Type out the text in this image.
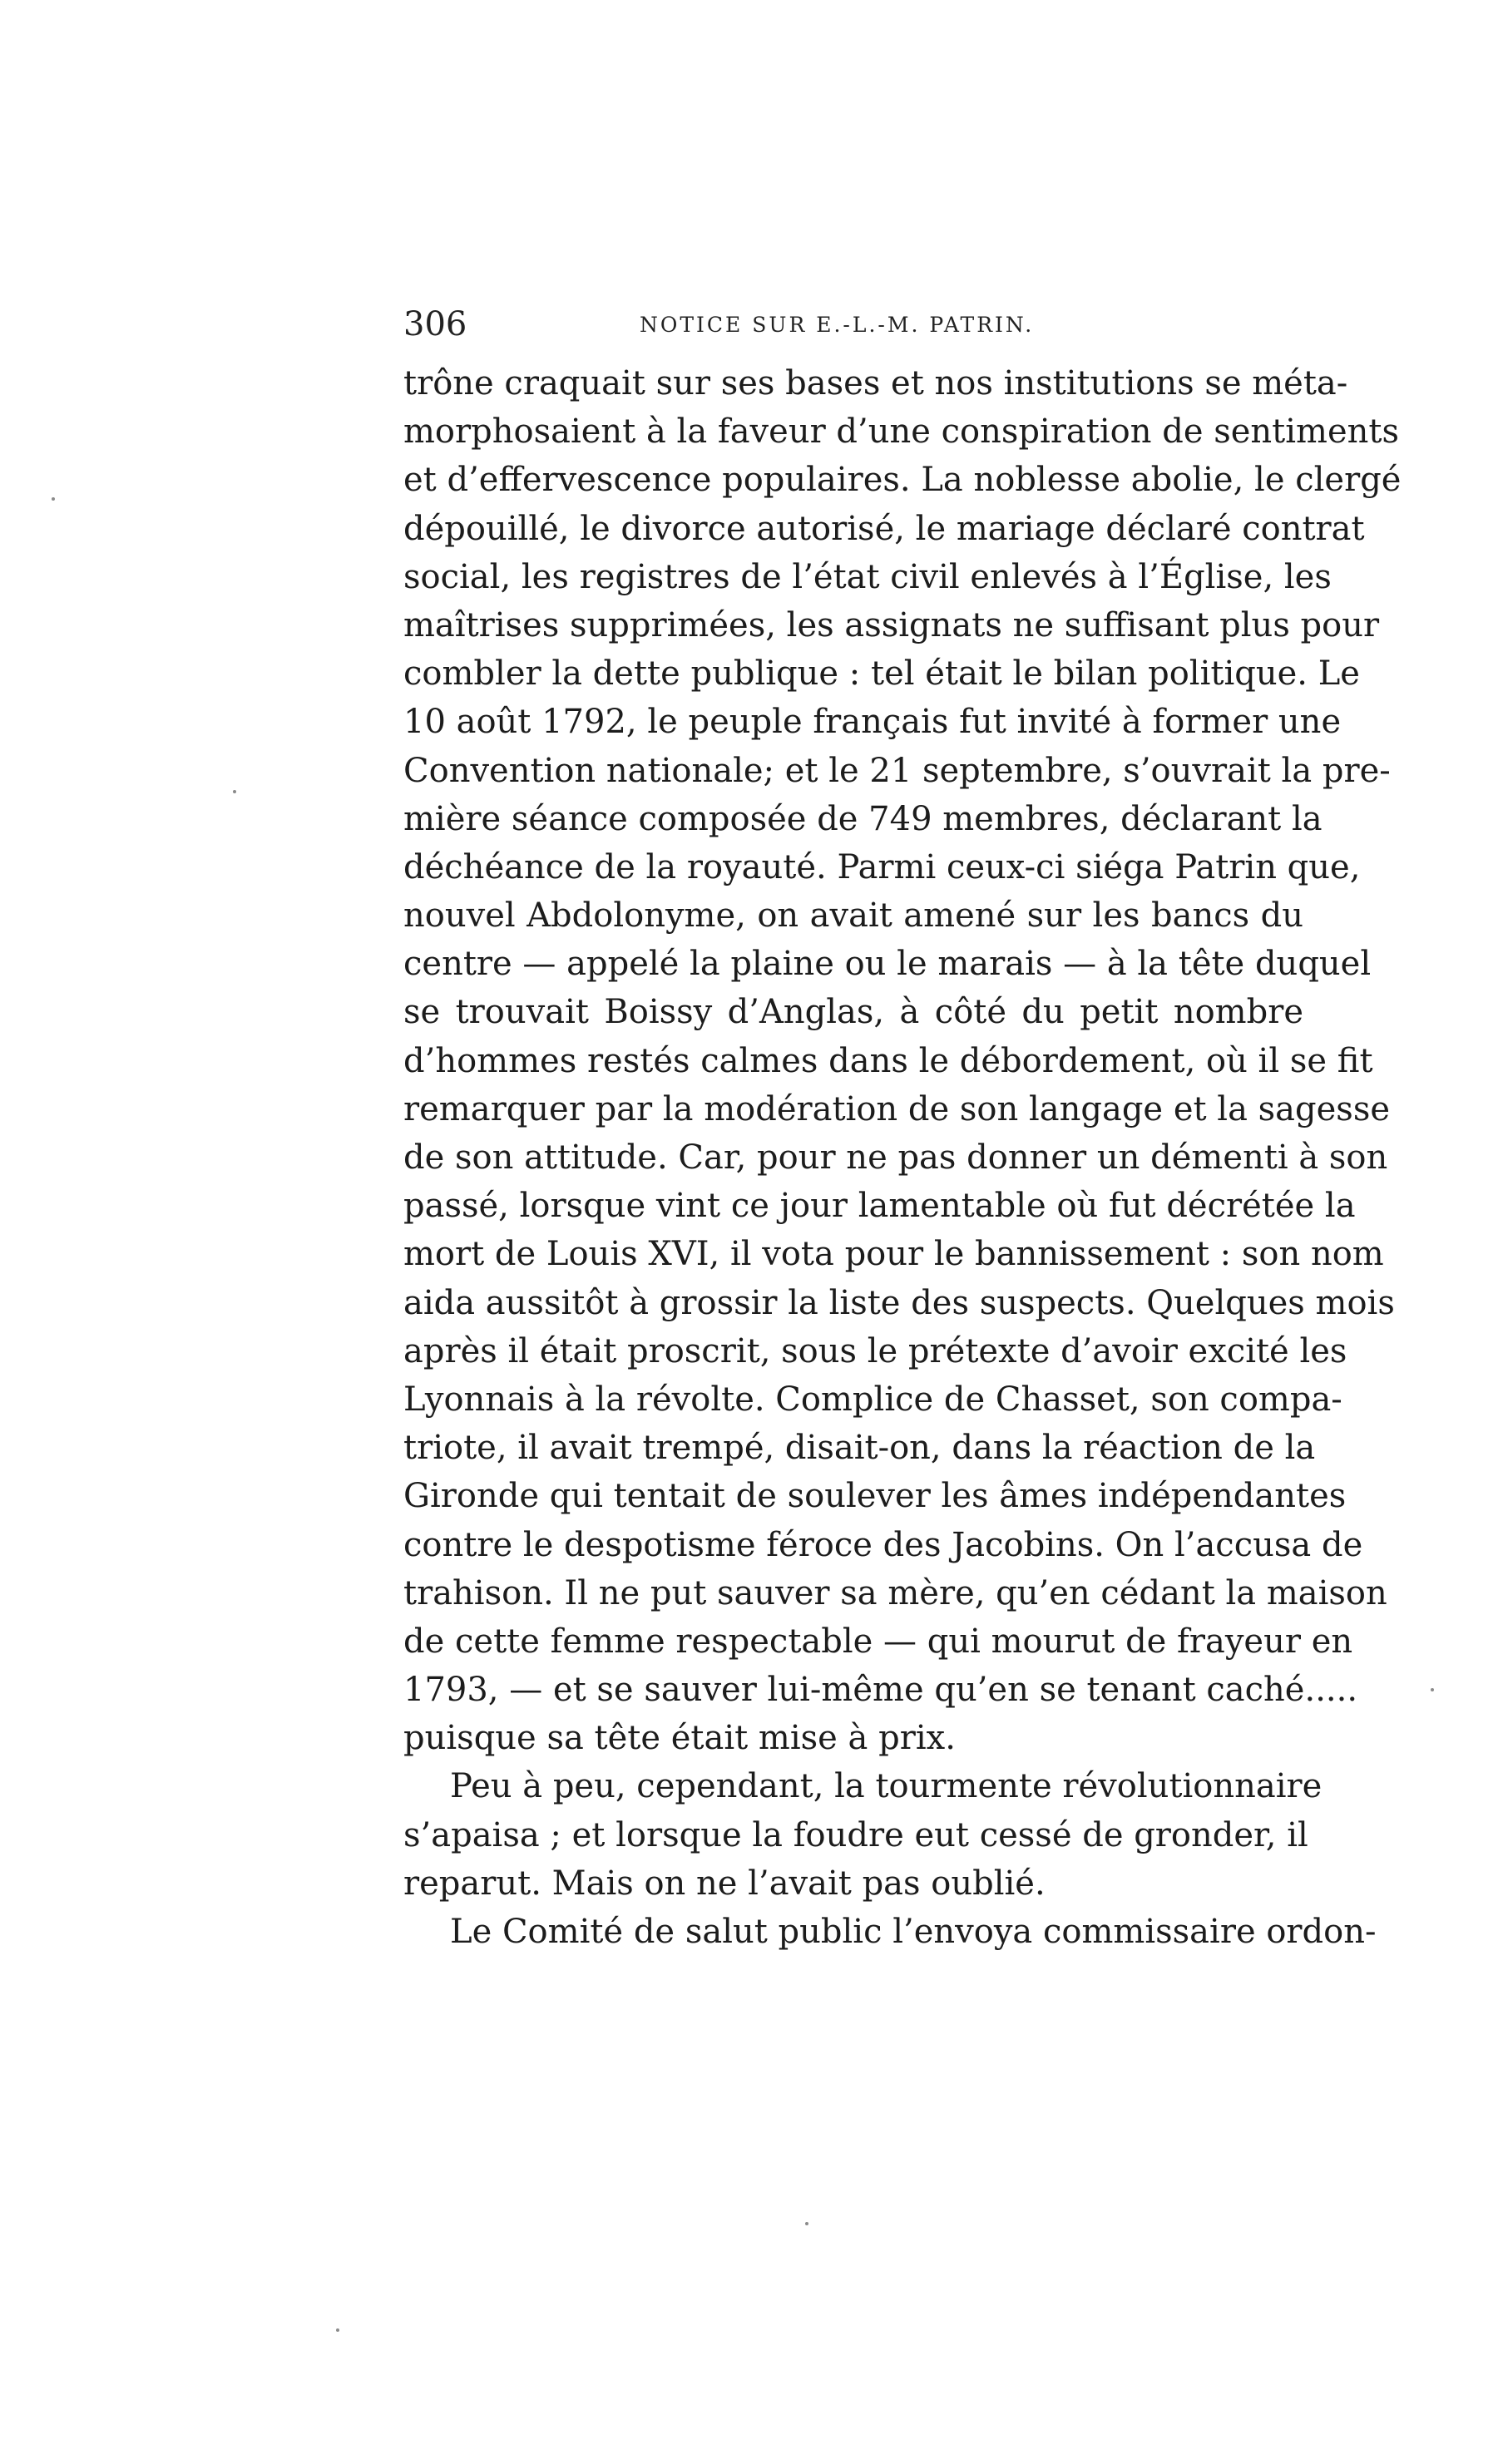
306	NOTICE SUR E.-L.-M. PATRIN.
trône craquait sur ses bases et nos institutions se méta-
morphosaient à la faveur d’une conspiration de sentiments
et d’effervescence populaires. La noblesse abolie, le clergé
dépouillé, le divorce autorisé, le mariage déclaré contrat
social, les registres de l’état civil enlevés à l’Église, les
maîtrises supprimées, les assignats ne suffisant plus pour
combler la dette publique : tel était le bilan politique. Le
10 août 1792, le peuple français fut invité à former une
Convention nationale; et le 21 septembre, s’ouvrait la pre-
mière séance composée de 749 membres, déclarant la
déchéance de la royauté. Parmi ceux-ci siéga Patrin que,
nouvel Abdolonyme, on avait amené sur les bancs du
centre — appelé la plaine ou le marais — à la tête duquel
se trouvait Boissy d’Anglas, à côté du petit nombre
d’hommes restés calmes dans le débordement, où il se fit
remarquer par la modération de son langage et la sagesse
de son attitude. Car, pour ne pas donner un démenti à son
passé, lorsque vint ce jour lamentable où fut décrétée la
mort de Louis XVI, il vota pour le bannissement : son nom
aida aussitôt à grossir la liste des suspects. Quelques mois
après il était proscrit, sous le prétexte d’avoir excité les
Lyonnais à la révolte. Complice de Chasset, son compa-
triote, il avait trempé, disait-on, dans la réaction de la
Gironde qui tentait de soulever les âmes indépendantes
contre le despotisme féroce des Jacobins. On l’accusa de
trahison. Il ne put sauver sa mère, qu’en cédant la maison
de cette femme respectable — qui mourut de frayeur en
1793, — et se sauver lui-même qu’en se tenant caché.....
puisque sa tête était mise à prix.
Peu à peu, cependant, la tourmente révolutionnaire
s’apaisa ; et lorsque la foudre eut cessé de gronder, il
reparut. Mais on ne l’avait pas oublié.
Le Comité de salut public l’envoya commissaire ordon-
